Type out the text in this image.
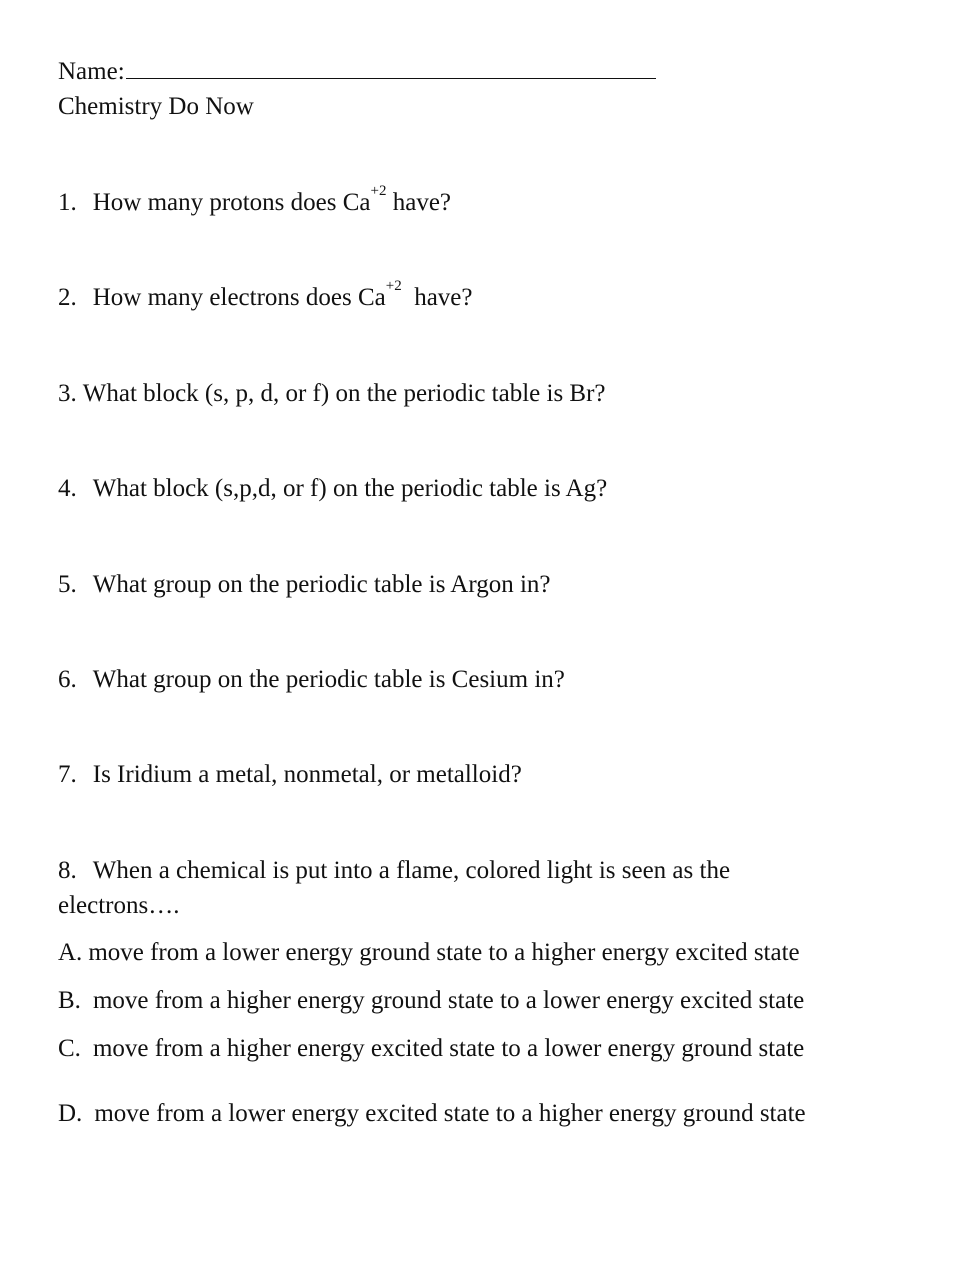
Name:
Chemistry Do Now
1. How many protons does $Ca^{+2}$ have?
2. How many electrons does $Ca^{+2}$  have?
3. What block (s, p, d, or f) on the periodic table is Br?
4. What block (s,p,d, or f) on the periodic table is Ag?
5. What group on the periodic table is Argon in?
6. What group on the periodic table is Cesium in?
7. Is Iridium a metal, nonmetal, or metalloid?
8. When a chemical is put into a flame, colored light is seen as the
electrons….
A. move from a lower energy ground state to a higher energy excited state
B. move from a higher energy ground state to a lower energy excited state
C. move from a higher energy excited state to a lower energy ground state
D. move from a lower energy excited state to a higher energy ground state
